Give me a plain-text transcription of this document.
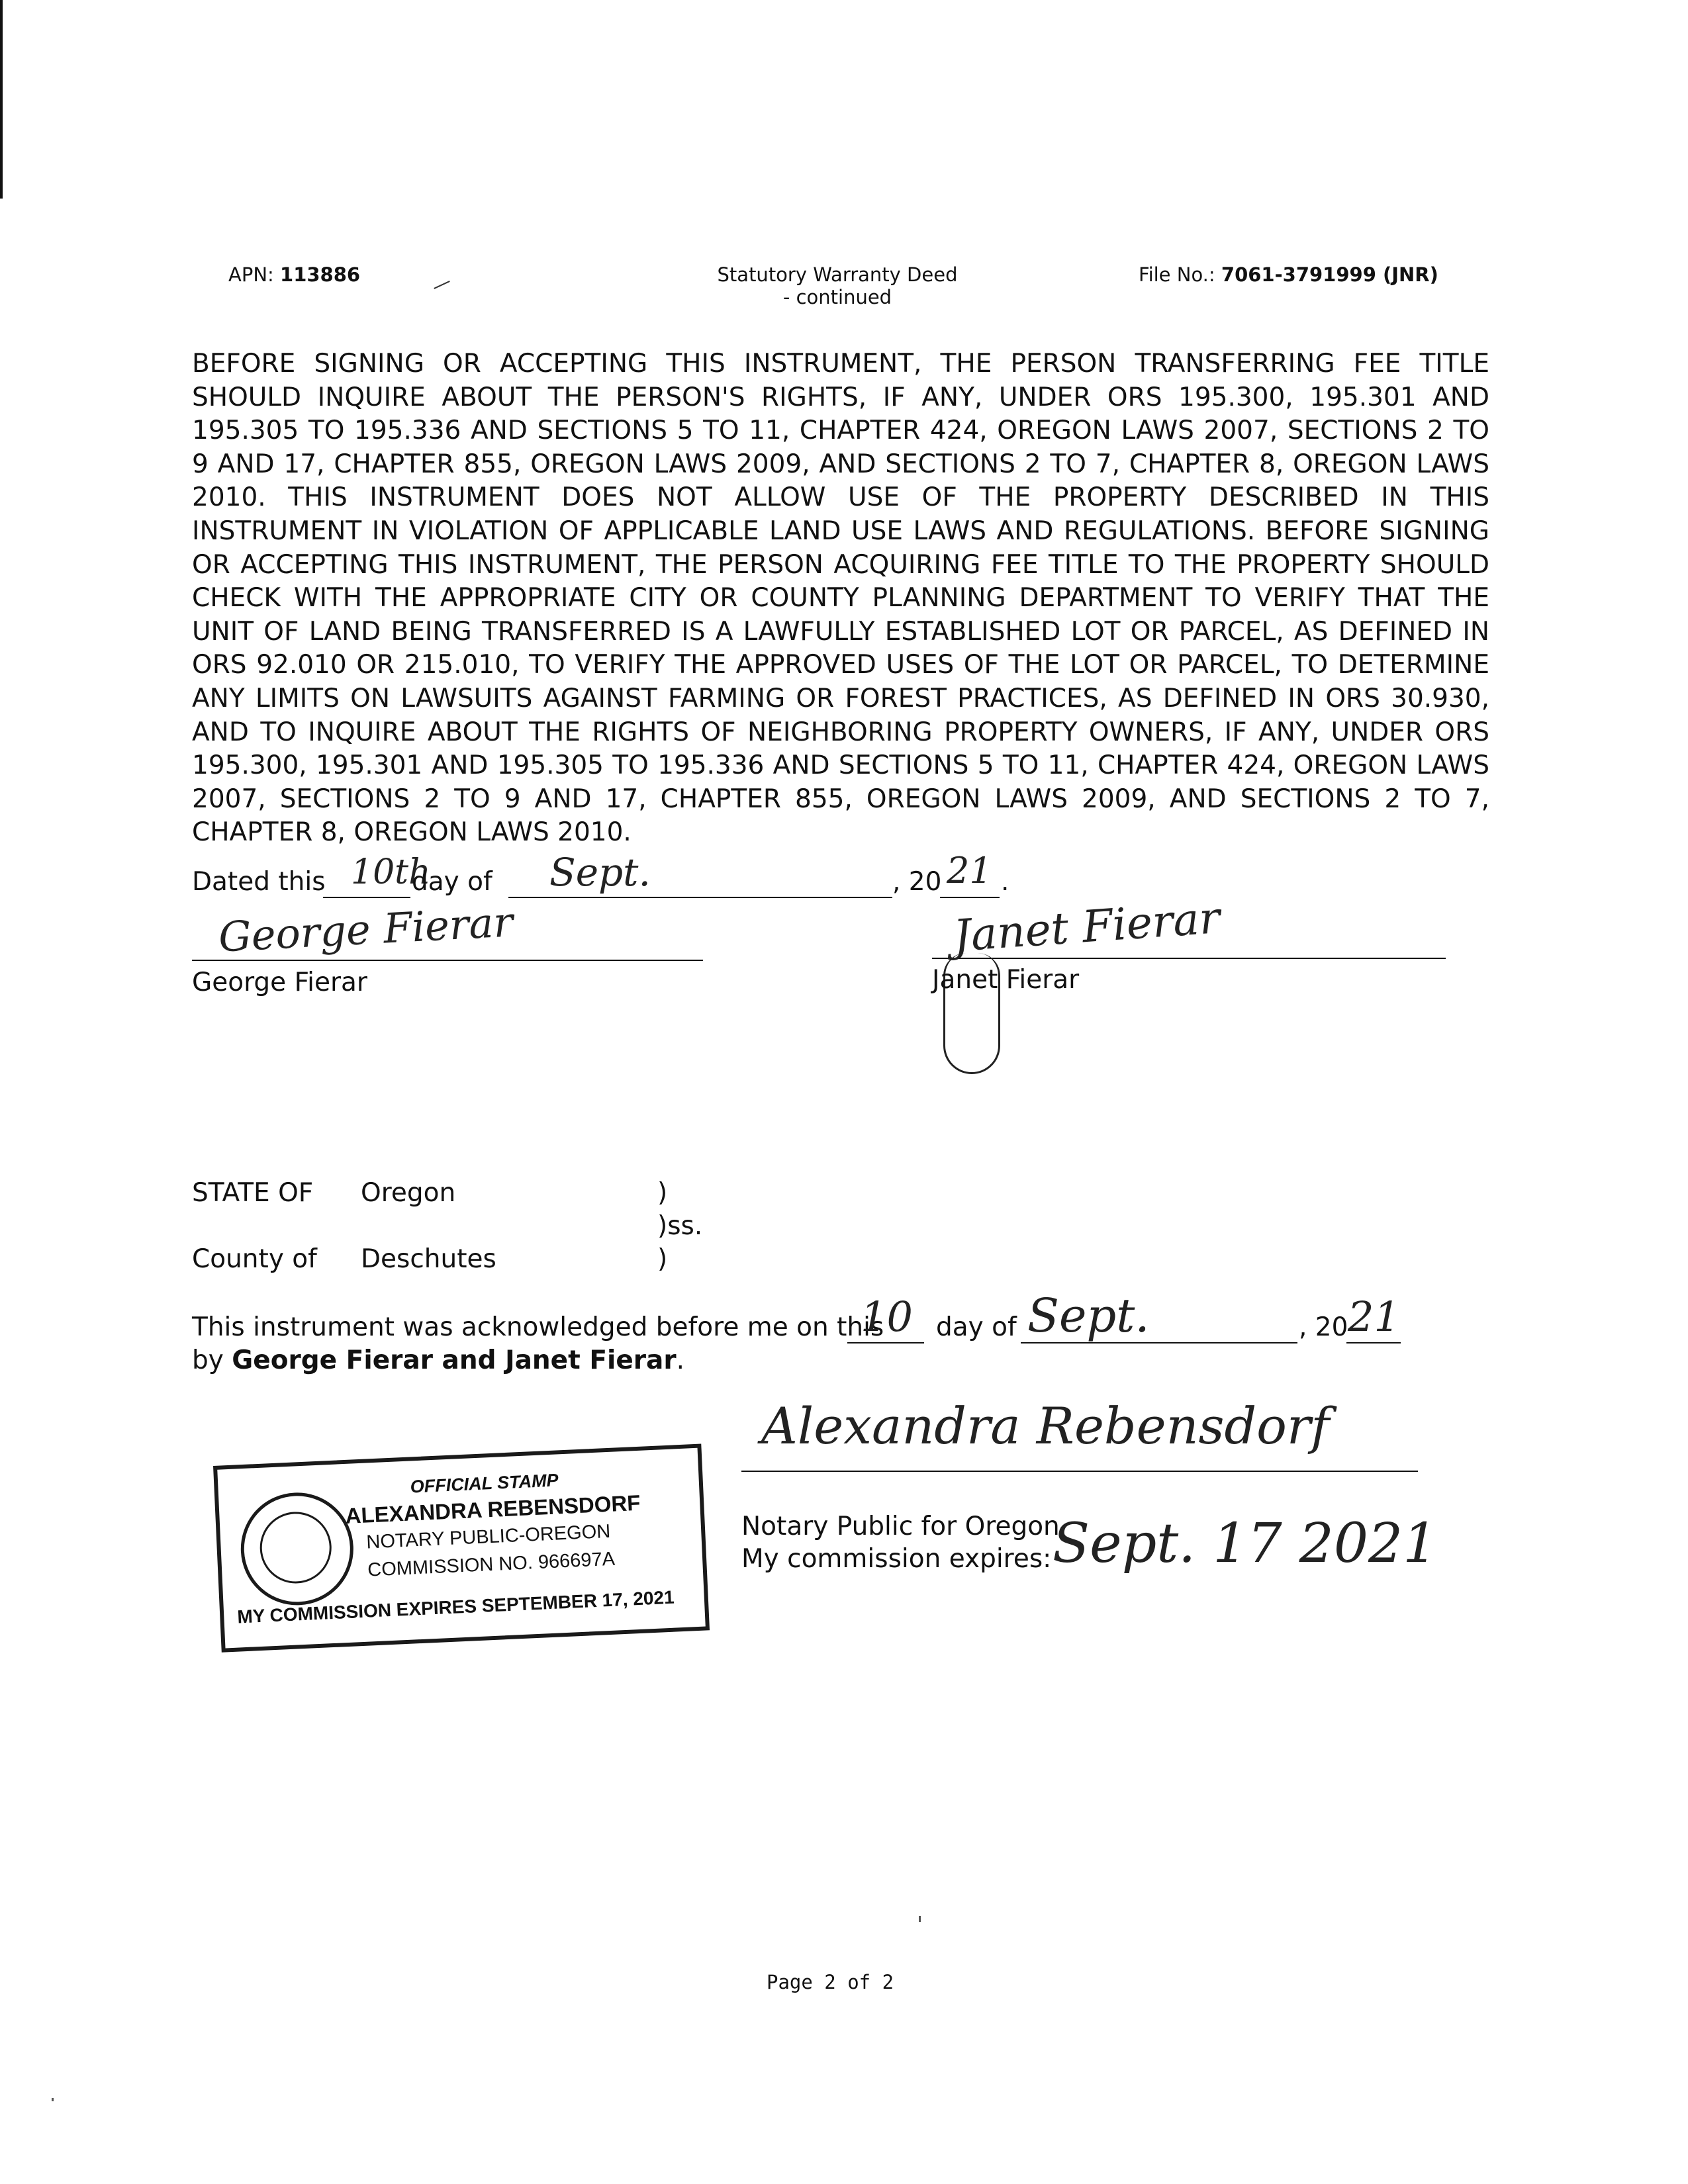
APN: 113886	Statutory Warranty Deed
- continued
File No.: 7061-3791999 (JNR)
BEFORE SIGNING OR ACCEPTING THIS INSTRUMENT, THE PERSON TRANSFERRING FEE TITLE SHOULD INQUIRE ABOUT THE PERSON'S RIGHTS, IF ANY, UNDER ORS 195.300, 195.301 AND 195.305 TO 195.336 AND SECTIONS 5 TO 11, CHAPTER 424, OREGON LAWS 2007, SECTIONS 2 TO 9 AND 17, CHAPTER 855, OREGON LAWS 2009, AND SECTIONS 2 TO 7, CHAPTER 8, OREGON LAWS 2010. THIS INSTRUMENT DOES NOT ALLOW USE OF THE PROPERTY DESCRIBED IN THIS INSTRUMENT IN VIOLATION OF APPLICABLE LAND USE LAWS AND REGULATIONS. BEFORE SIGNING OR ACCEPTING THIS INSTRUMENT, THE PERSON ACQUIRING FEE TITLE TO THE PROPERTY SHOULD CHECK WITH THE APPROPRIATE CITY OR COUNTY PLANNING DEPARTMENT TO VERIFY THAT THE UNIT OF LAND BEING TRANSFERRED IS A LAWFULLY ESTABLISHED LOT OR PARCEL, AS DEFINED IN ORS 92.010 OR 215.010, TO VERIFY THE APPROVED USES OF THE LOT OR PARCEL, TO DETERMINE ANY LIMITS ON LAWSUITS AGAINST FARMING OR FOREST PRACTICES, AS DEFINED IN ORS 30.930, AND TO INQUIRE ABOUT THE RIGHTS OF NEIGHBORING PROPERTY OWNERS, IF ANY, UNDER ORS 195.300, 195.301 AND 195.305 TO 195.336 AND SECTIONS 5 TO 11, CHAPTER 424, OREGON LAWS 2007, SECTIONS 2 TO 9 AND 17, CHAPTER 855, OREGON LAWS 2009, AND SECTIONS 2 TO 7, CHAPTER 8, OREGON LAWS 2010.
Dated this 10th
day of Sept.	, 20 21 .
George Fierar
George Fierar
Janet Fierar
Janet Fierar
STATE OF Oregon	)
)ss.
County of Deschutes	)
This instrument was acknowledged before me on this
10 day of Sept.	, 20 21
by George Fierar and Janet Fierar.
Alexandra Rebensdorf
Notary Public for Oregon
My commission expires: Sept. 17 2021
OFFICIAL STAMP
ALEXANDRA REBENSDORF
NOTARY PUBLIC-OREGON
COMMISSION NO. 966697A
MY COMMISSION EXPIRES SEPTEMBER 17, 2021
Page 2 of 2
